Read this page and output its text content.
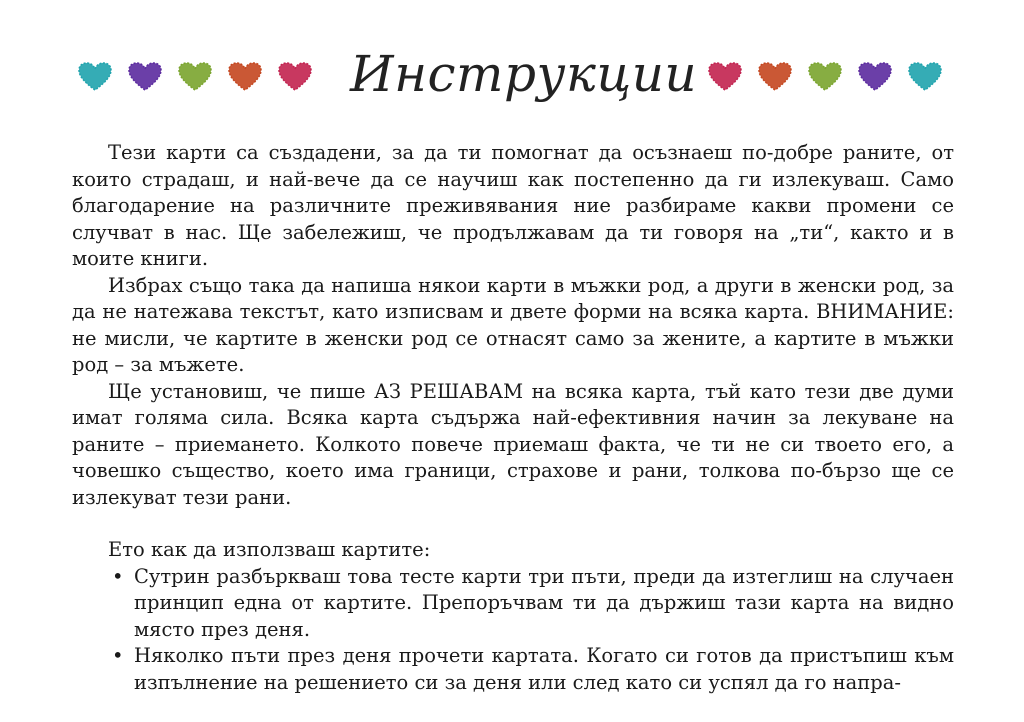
Инструкции

Тези карти са създадени, за да ти помогнат да осъзнаеш по-добре раните, от които страдаш, и най-вече да се научиш как постепенно да ги излекуваш. Само благодарение на различните преживявания ние разбираме какви промени се случват в нас. Ще забележиш, че продължавам да ти говоря на „ти“, както и в моите книги.

Избрах също така да напиша някои карти в мъжки род, а други в женски род, за да не натежава текстът, като изписвам и двете форми на всяка карта. ВНИМАНИЕ: не мисли, че картите в женски род се отнасят само за жените, а картите в мъжки род – за мъжете.

Ще установиш, че пише АЗ РЕШАВАМ на всяка карта, тъй като тези две думи имат голяма сила. Всяка карта съдържа най-ефективния начин за лекуване на раните – приемането. Колкото повече приемаш факта, че ти не си твоето его, а човешко същество, което има граници, страхове и рани, толкова по-бързо ще се излекуват тези рани.

Ето как да използваш картите:

• Сутрин разбъркваш това тесте карти три пъти, преди да изтеглиш на случаен принцип една от картите. Препоръчвам ти да държиш тази карта на видно място през деня.
• Няколко пъти през деня прочети картата. Когато си готов да пристъпиш към изпълнение на решението си за деня или след като си успял да го напра-
